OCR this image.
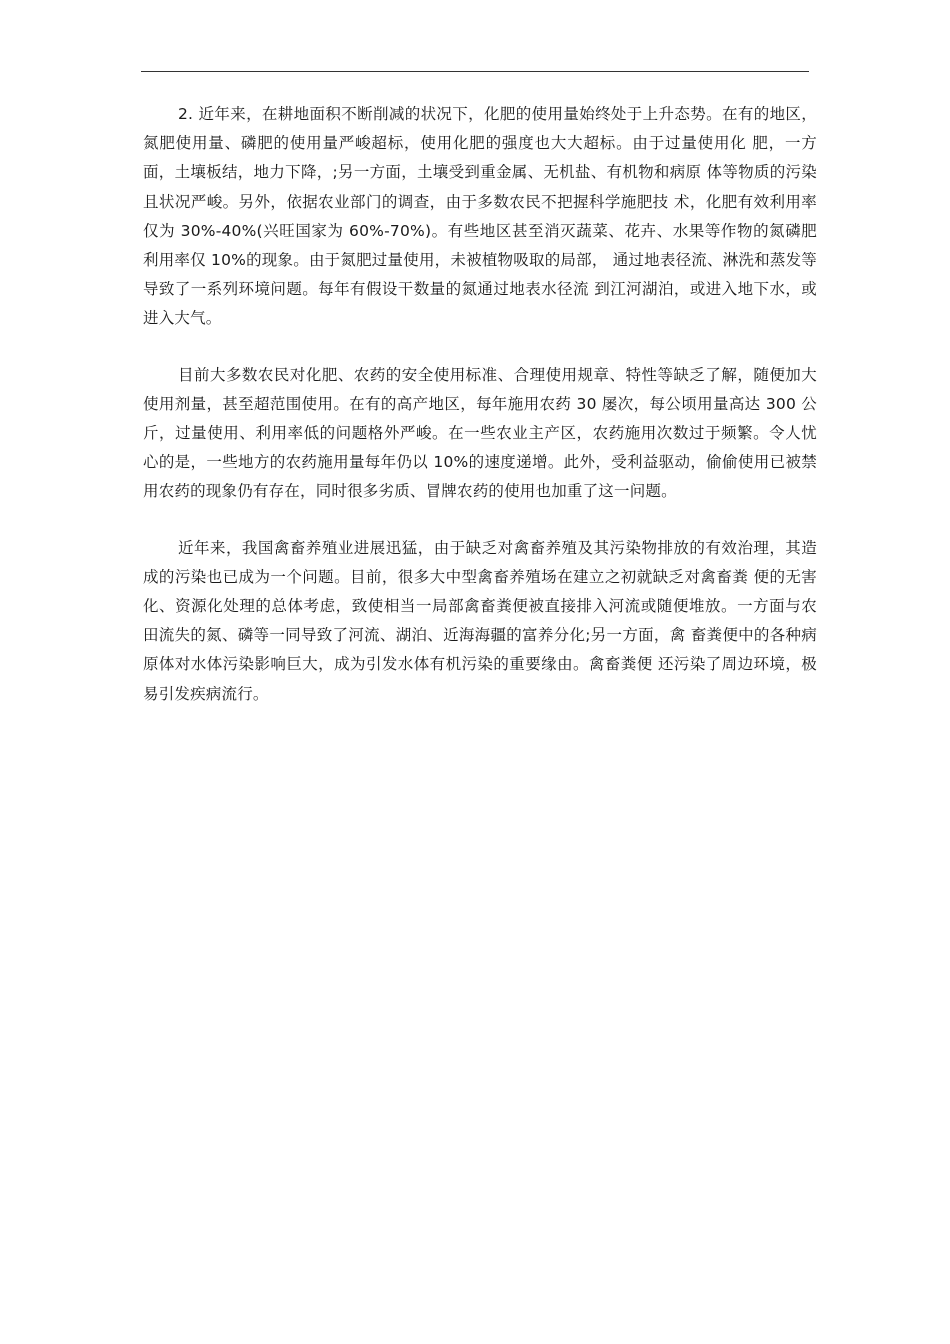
2. 近年来，在耕地面积不断削减的状况下，化肥的使用量始终处于上升态势。在有的地区，氮肥使用量、磷肥的使用量严峻超标，使用化肥的强度也大大超标。由于过量使用化 肥，一方面，土壤板结，地力下降，;另一方面，土壤受到重金属、无机盐、有机物和病原 体等物质的污染且状况严峻。另外，依据农业部门的调查，由于多数农民不把握科学施肥技 术，化肥有效利用率仅为 30%-40%(兴旺国家为 60%-70%)。有些地区甚至消灭蔬菜、花卉、水果等作物的氮磷肥利用率仅 10%的现象。由于氮肥过量使用，未被植物吸取的局部， 通过地表径流、淋洗和蒸发等导致了一系列环境问题。每年有假设干数量的氮通过地表水径流 到江河湖泊，或进入地下水，或进入大气。

目前大多数农民对化肥、农药的安全使用标准、合理使用规章、特性等缺乏了解，随便加大使用剂量，甚至超范围使用。在有的高产地区，每年施用农药 30 屡次，每公顷用量高达 300 公斤，过量使用、利用率低的问题格外严峻。在一些农业主产区，农药施用次数过于频繁。令人忧心的是，一些地方的农药施用量每年仍以 10%的速度递增。此外，受利益驱动，偷偷使用已被禁用农药的现象仍有存在，同时很多劣质、冒牌农药的使用也加重了这一问题。

近年来，我国禽畜养殖业进展迅猛，由于缺乏对禽畜养殖及其污染物排放的有效治理，其造成的污染也已成为一个问题。目前，很多大中型禽畜养殖场在建立之初就缺乏对禽畜粪 便的无害化、资源化处理的总体考虑，致使相当一局部禽畜粪便被直接排入河流或随便堆放。一方面与农田流失的氮、磷等一同导致了河流、湖泊、近海海疆的富养分化;另一方面，禽 畜粪便中的各种病原体对水体污染影响巨大，成为引发水体有机污染的重要缘由。禽畜粪便 还污染了周边环境，极易引发疾病流行。
